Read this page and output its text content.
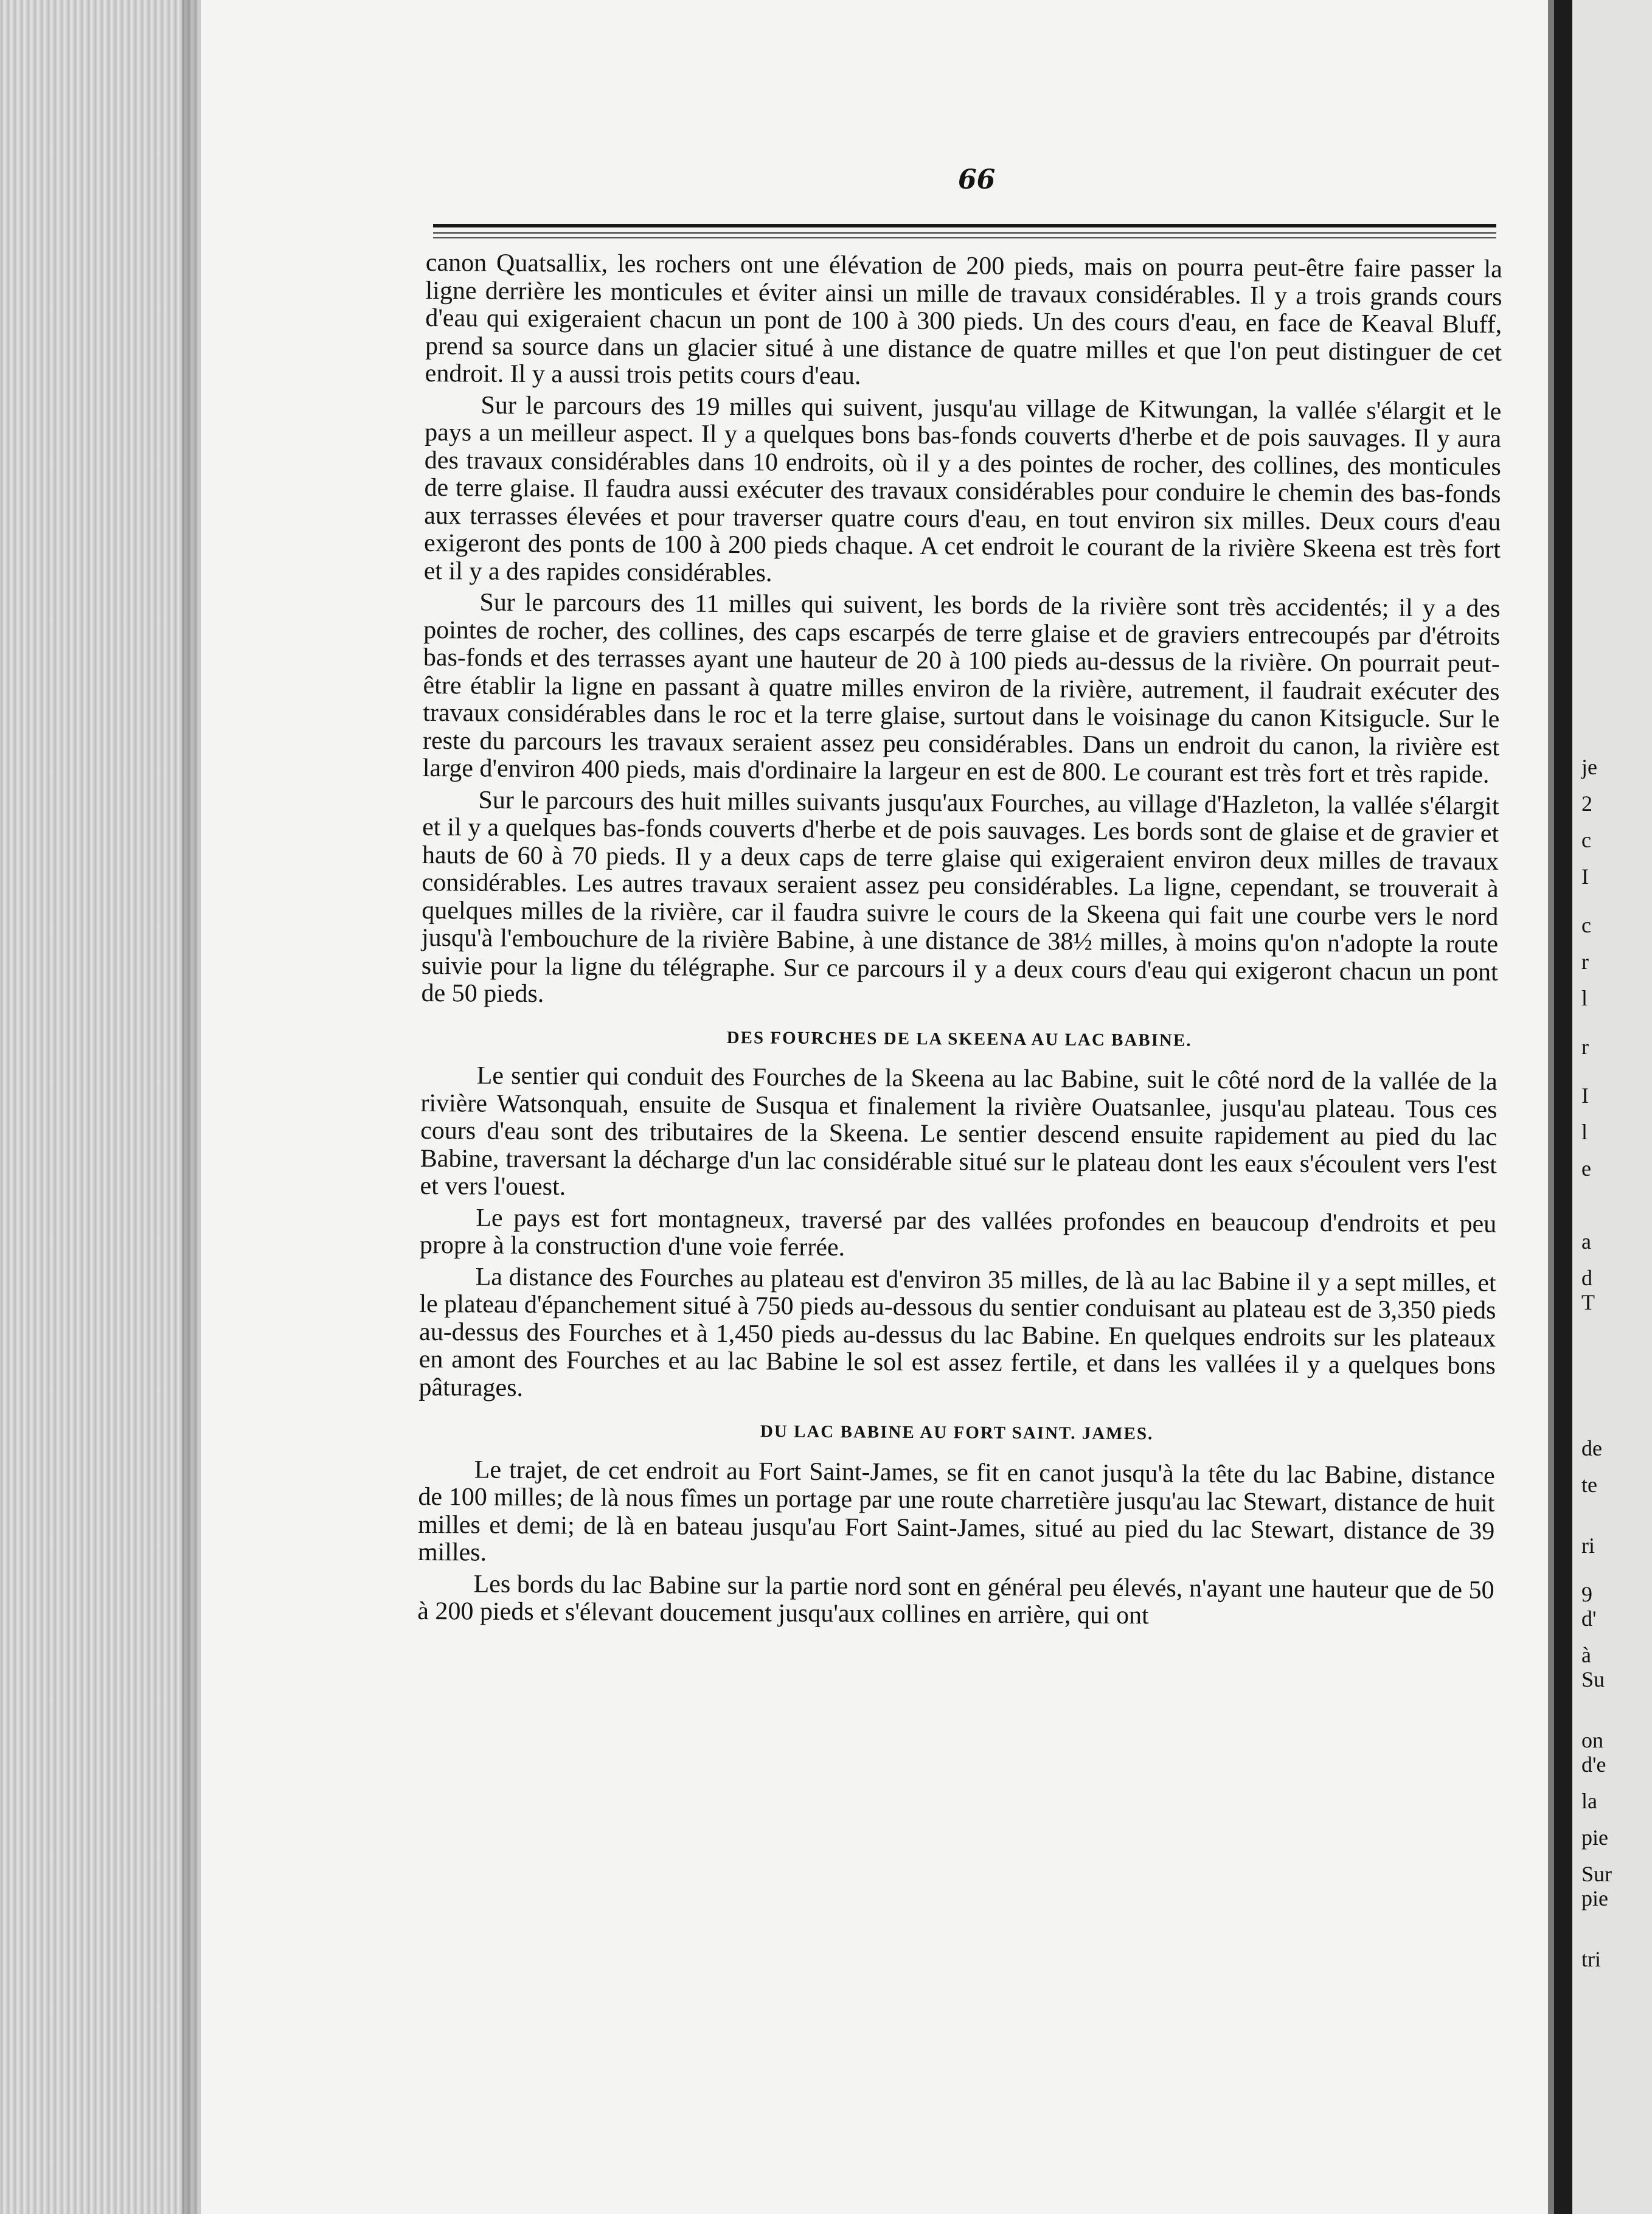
66

canon Quatsallix, les rochers ont une élévation de 200 pieds, mais on pourra peut-être faire passer la ligne derrière les monticules et éviter ainsi un mille de travaux considérables. Il y a trois grands cours d'eau qui exigeraient chacun un pont de 100 à 300 pieds. Un des cours d'eau, en face de Keaval Bluff, prend sa source dans un glacier situé à une distance de quatre milles et que l'on peut distinguer de cet endroit. Il y a aussi trois petits cours d'eau.

Sur le parcours des 19 milles qui suivent, jusqu'au village de Kitwungan, la vallée s'élargit et le pays a un meilleur aspect. Il y a quelques bons bas-fonds couverts d'herbe et de pois sauvages. Il y aura des travaux considérables dans 10 endroits, où il y a des pointes de rocher, des collines, des monticules de terre glaise. Il faudra aussi exécuter des travaux considérables pour conduire le chemin des bas-fonds aux terrasses élevées et pour traverser quatre cours d'eau, en tout environ six milles. Deux cours d'eau exigeront des ponts de 100 à 200 pieds chaque. A cet endroit le courant de la rivière Skeena est très fort et il y a des rapides considérables.

Sur le parcours des 11 milles qui suivent, les bords de la rivière sont très accidentés; il y a des pointes de rocher, des collines, des caps escarpés de terre glaise et de graviers entrecoupés par d'étroits bas-fonds et des terrasses ayant une hauteur de 20 à 100 pieds au-dessus de la rivière. On pourrait peut-être établir la ligne en passant à quatre milles environ de la rivière, autrement, il faudrait exécuter des travaux considérables dans le roc et la terre glaise, surtout dans le voisinage du canon Kitsigucle. Sur le reste du parcours les travaux seraient assez peu considérables. Dans un endroit du canon, la rivière est large d'environ 400 pieds, mais d'ordinaire la largeur en est de 800. Le courant est très fort et très rapide.

Sur le parcours des huit milles suivants jusqu'aux Fourches, au village d'Hazleton, la vallée s'élargit et il y a quelques bas-fonds couverts d'herbe et de pois sauvages. Les bords sont de glaise et de gravier et hauts de 60 à 70 pieds. Il y a deux caps de terre glaise qui exigeraient environ deux milles de travaux considérables. Les autres travaux seraient assez peu considérables. La ligne, cependant, se trouverait à quelques milles de la rivière, car il faudra suivre le cours de la Skeena qui fait une courbe vers le nord jusqu'à l'embouchure de la rivière Babine, à une distance de 38½ milles, à moins qu'on n'adopte la route suivie pour la ligne du télégraphe. Sur ce parcours il y a deux cours d'eau qui exigeront chacun un pont de 50 pieds.

DES FOURCHES DE LA SKEENA AU LAC BABINE.

Le sentier qui conduit des Fourches de la Skeena au lac Babine, suit le côté nord de la vallée de la rivière Watsonquah, ensuite de Susqua et finalement la rivière Ouatsanlee, jusqu'au plateau. Tous ces cours d'eau sont des tributaires de la Skeena. Le sentier descend ensuite rapidement au pied du lac Babine, traversant la décharge d'un lac considérable situé sur le plateau dont les eaux s'écoulent vers l'est et vers l'ouest.

Le pays est fort montagneux, traversé par des vallées profondes en beaucoup d'endroits et peu propre à la construction d'une voie ferrée.

La distance des Fourches au plateau est d'environ 35 milles, de là au lac Babine il y a sept milles, et le plateau d'épanchement situé à 750 pieds au-dessous du sentier conduisant au plateau est de 3,350 pieds au-dessus des Fourches et à 1,450 pieds au-dessus du lac Babine. En quelques endroits sur les plateaux en amont des Fourches et au lac Babine le sol est assez fertile, et dans les vallées il y a quelques bons pâturages.

DU LAC BABINE AU FORT SAINT. JAMES.

Le trajet, de cet endroit au Fort Saint-James, se fit en canot jusqu'à la tête du lac Babine, distance de 100 milles; de là nous fîmes un portage par une route charretière jusqu'au lac Stewart, distance de huit milles et demi; de là en bateau jusqu'au Fort Saint-James, situé au pied du lac Stewart, distance de 39 milles.

Les bords du lac Babine sur la partie nord sont en général peu élevés, n'ayant une hauteur que de 50 à 200 pieds et s'élevant doucement jusqu'aux collines en arrière, qui ont

je
2
c
I
c
r
l
r
I
l
e
a
d
T
de
te
ri
9
d'
à
Su
on
d'e
la
pie
Sur
pie
tri
